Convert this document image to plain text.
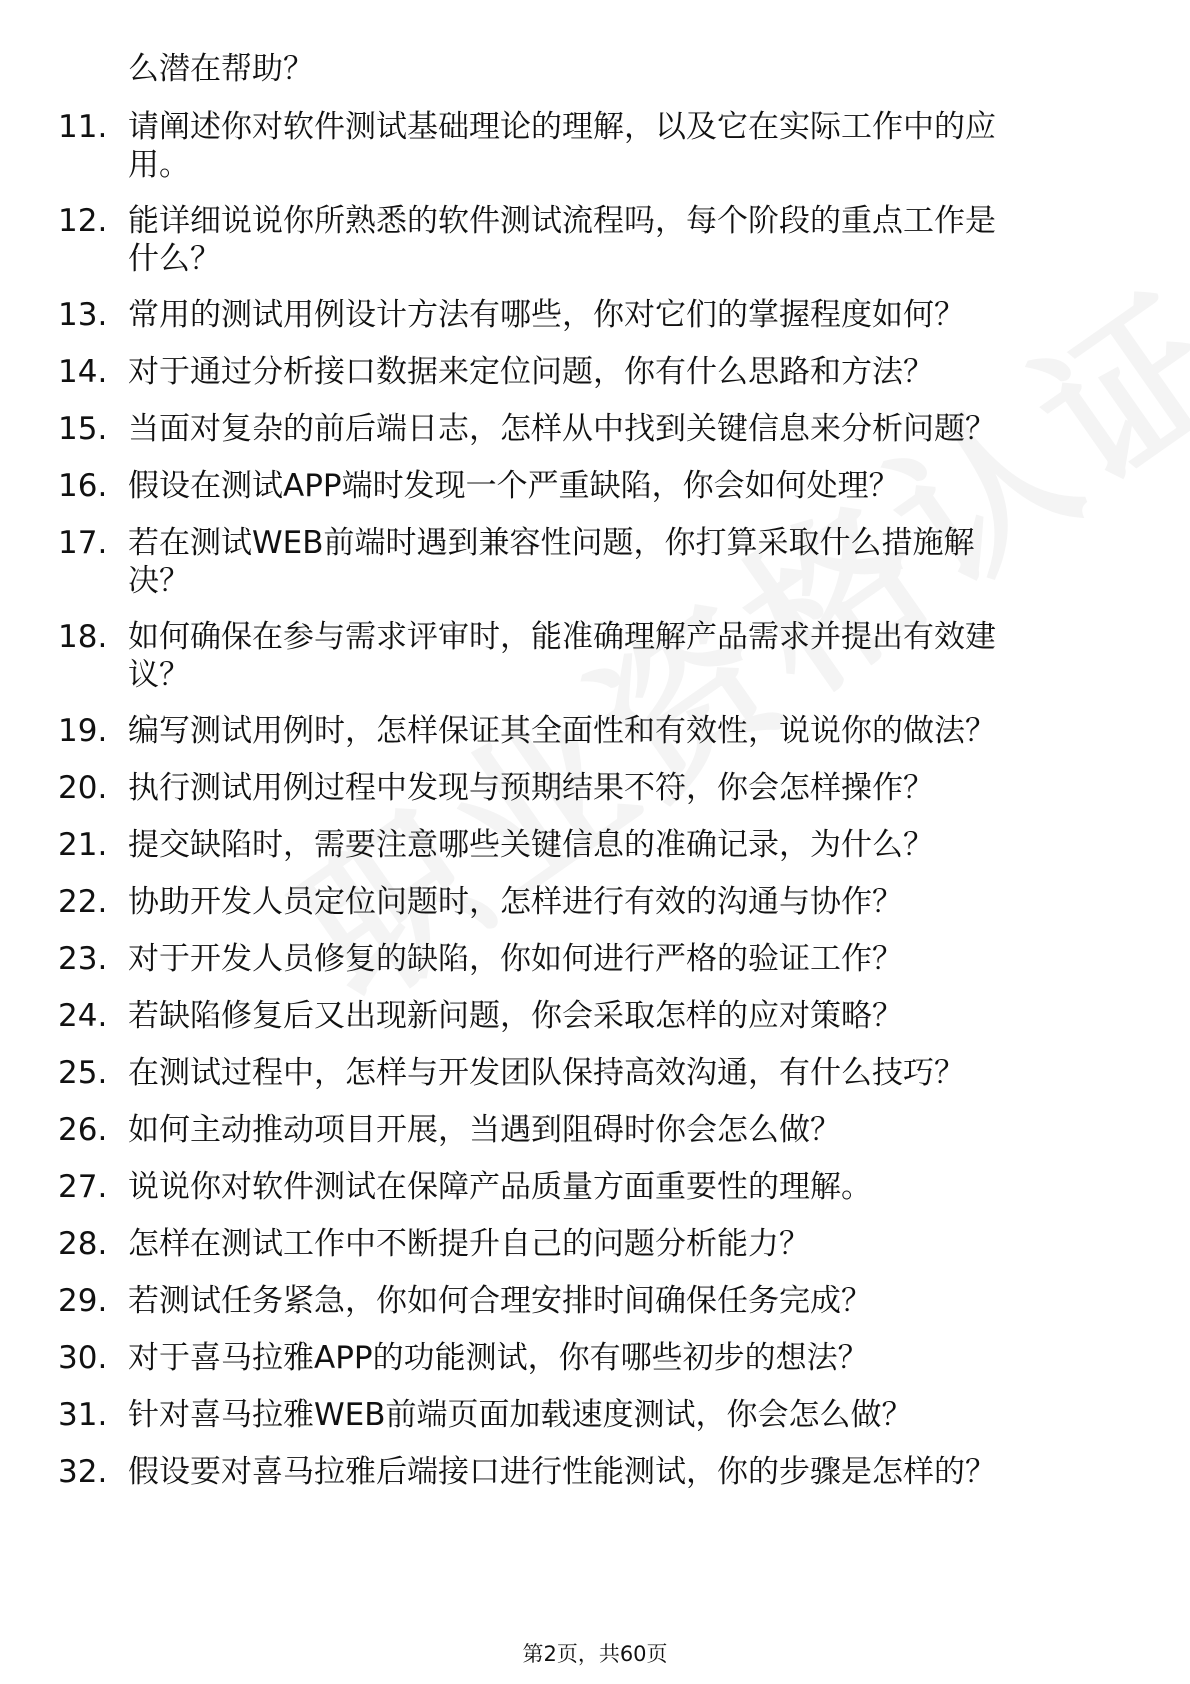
么潜在帮助？
11. 请阐述你对软件测试基础理论的理解，以及它在实际工作中的应
用。
12. 能详细说说你所熟悉的软件测试流程吗，每个阶段的重点工作是
什么？
13. 常用的测试用例设计方法有哪些，你对它们的掌握程度如何？
14. 对于通过分析接口数据来定位问题，你有什么思路和方法？
15. 当面对复杂的前后端日志，怎样从中找到关键信息来分析问题？
16. 假设在测试APP端时发现一个严重缺陷，你会如何处理？
17. 若在测试WEB前端时遇到兼容性问题，你打算采取什么措施解
决？
18. 如何确保在参与需求评审时，能准确理解产品需求并提出有效建
议？
19. 编写测试用例时，怎样保证其全面性和有效性，说说你的做法？
20. 执行测试用例过程中发现与预期结果不符，你会怎样操作？
21. 提交缺陷时，需要注意哪些关键信息的准确记录，为什么？
22. 协助开发人员定位问题时，怎样进行有效的沟通与协作？
23. 对于开发人员修复的缺陷，你如何进行严格的验证工作？
24. 若缺陷修复后又出现新问题，你会采取怎样的应对策略？
25. 在测试过程中，怎样与开发团队保持高效沟通，有什么技巧？
26. 如何主动推动项目开展，当遇到阻碍时你会怎么做？
27. 说说你对软件测试在保障产品质量方面重要性的理解。
28. 怎样在测试工作中不断提升自己的问题分析能力？
29. 若测试任务紧急，你如何合理安排时间确保任务完成？
30. 对于喜马拉雅APP的功能测试，你有哪些初步的想法？
31. 针对喜马拉雅WEB前端页面加载速度测试，你会怎么做？
32. 假设要对喜马拉雅后端接口进行性能测试，你的步骤是怎样的？
第2页，共60页
